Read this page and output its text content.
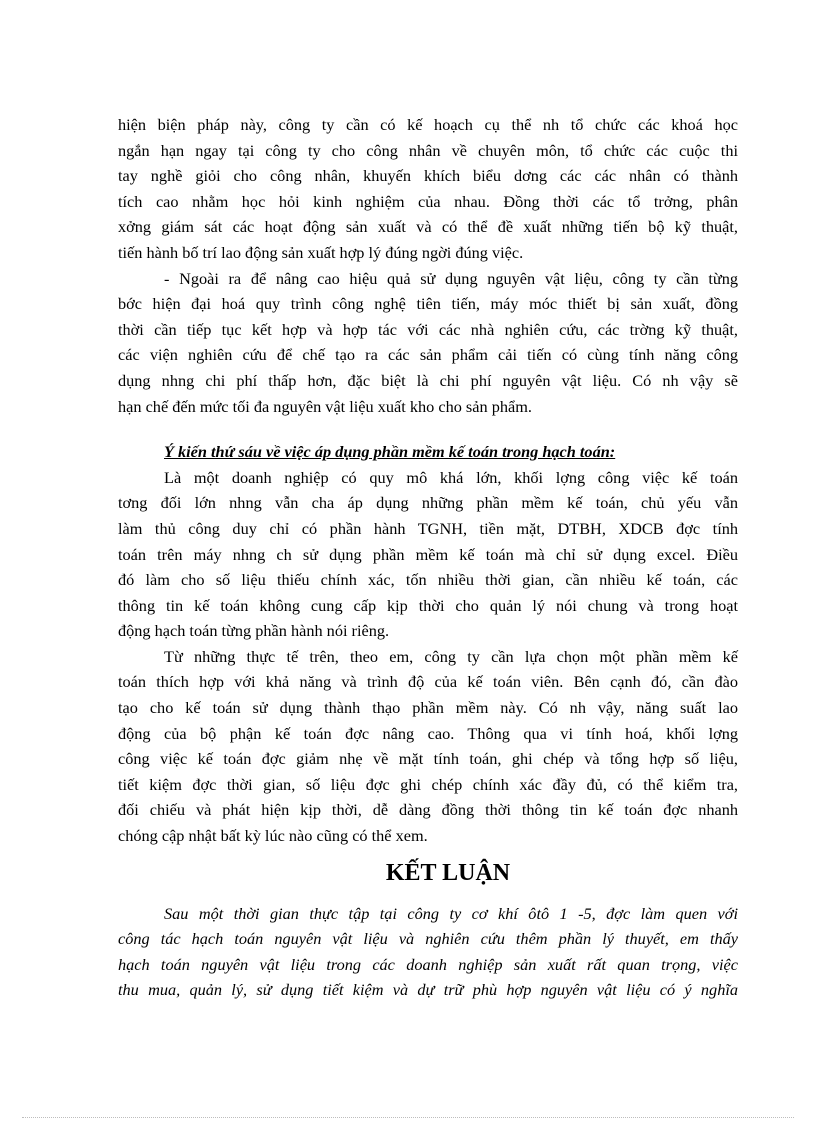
hiện biện pháp này, công ty cần có kế hoạch cụ thể nh tổ chức các khoá học
ngắn hạn ngay tại công ty cho công nhân về chuyên môn, tổ chức các cuộc thi
tay nghề giỏi cho công nhân, khuyến khích biểu dơng các các nhân có thành
tích cao nhằm học hỏi kinh nghiệm của nhau. Đồng thời các tổ trởng, phân
xởng giám sát các hoạt động sản xuất và có thể đề xuất những tiến bộ kỹ thuật,
tiến hành bố trí lao động sản xuất hợp lý đúng ngời đúng việc.
- Ngoài ra để nâng cao hiệu quả sử dụng nguyên vật liệu, công ty cần từng
bớc hiện đại hoá quy trình công nghệ tiên tiến, máy móc thiết bị sản xuất, đồng
thời cần tiếp tục kết hợp và hợp tác với các nhà nghiên cứu, các trờng kỹ thuật,
các viện nghiên cứu để chế tạo ra các sản phẩm cải tiến có cùng tính năng công
dụng nhng chi phí thấp hơn, đặc biệt là chi phí nguyên vật liệu. Có nh vậy sẽ
hạn chế đến mức tối đa nguyên vật liệu xuất kho cho sản phẩm.
Ý kiến thứ sáu về việc áp dụng phần mềm kế toán trong hạch toán:
Là một doanh nghiệp có quy mô khá lớn, khối lợng công việc kế toán
tơng đối lớn nhng vẫn cha áp dụng những phần mềm kế toán, chủ yếu vẫn
làm thủ công duy chỉ có phần hành TGNH, tiền mặt, DTBH, XDCB đợc tính
toán trên máy nhng ch sử dụng phần mềm kế toán mà chỉ sử dụng excel. Điều
đó làm cho số liệu thiếu chính xác, tốn nhiều thời gian, cần nhiều kế toán, các
thông tin kế toán không cung cấp kịp thời cho quản lý nói chung và trong hoạt
động hạch toán từng phần hành nói riêng.
Từ những thực tế trên, theo em, công ty cần lựa chọn một phần mềm kế
toán thích hợp với khả năng và trình độ của kế toán viên. Bên cạnh đó, cần đào
tạo cho kế toán sử dụng thành thạo phần mềm này. Có nh vậy, năng suất lao
động của bộ phận kế toán đợc nâng cao. Thông qua vi tính hoá, khối lợng
công việc kế toán đợc giảm nhẹ về mặt tính toán, ghi chép và tổng hợp số liệu,
tiết kiệm đợc thời gian, số liệu đợc ghi chép chính xác đầy đủ, có thể kiểm tra,
đối chiếu và phát hiện kịp thời, dễ dàng đồng thời thông tin kế toán đợc nhanh
chóng cập nhật bất kỳ lúc nào cũng có thể xem.
KẾT LUẬN
Sau một thời gian thực tập tại công ty cơ khí ôtô 1 -5, đợc làm quen với
công tác hạch toán nguyên vật liệu và nghiên cứu thêm phần lý thuyết, em thấy
hạch toán nguyên vật liệu trong các doanh nghiệp sản xuất rất quan trọng, việc
thu mua, quản lý, sử dụng tiết kiệm và dự trữ phù hợp nguyên vật liệu có ý nghĩa
